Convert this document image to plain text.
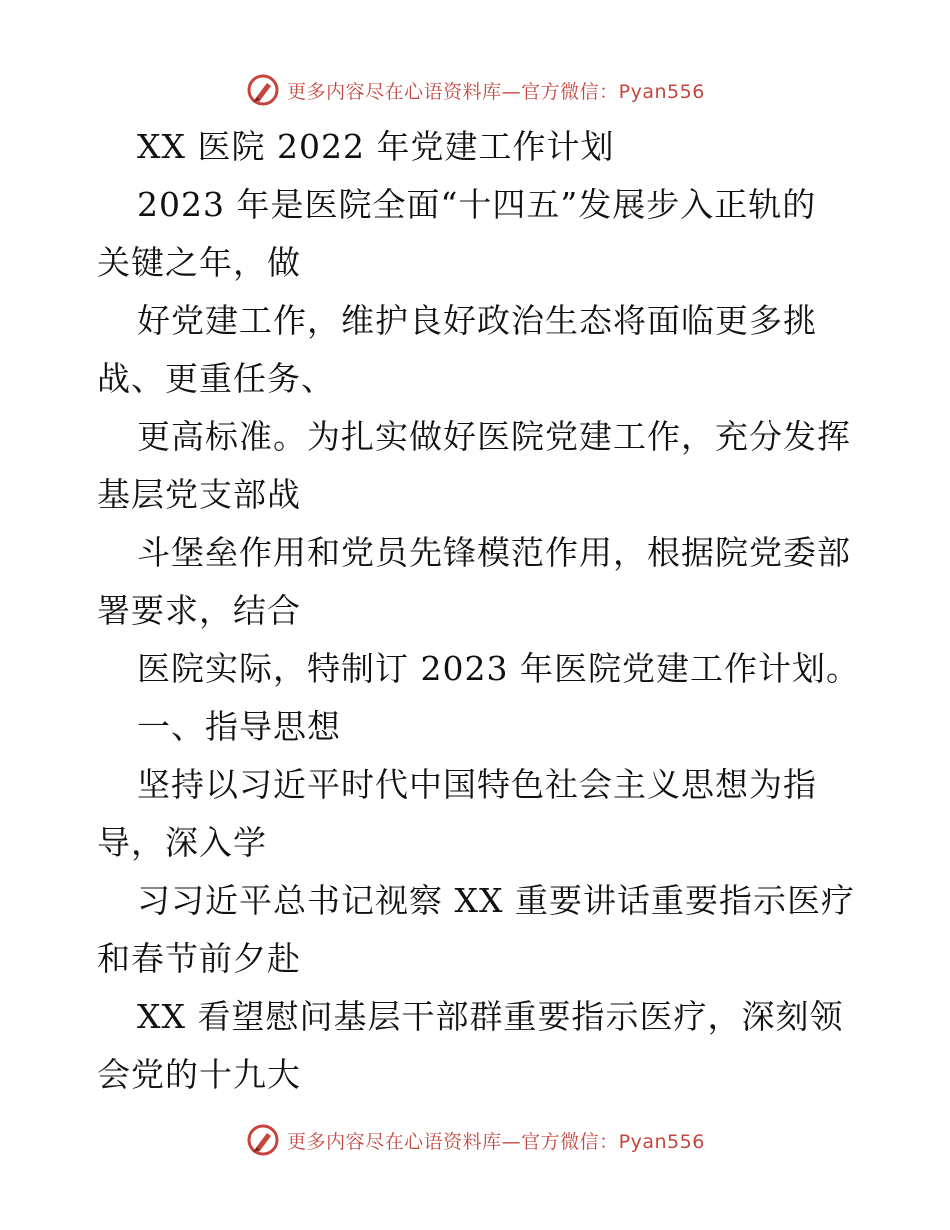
更多内容尽在心语资料库—官方微信：Pyan556
XX 医院 2022 年党建工作计划
2023 年是医院全面“十四五”发展步入正轨的
关键之年，做
好党建工作，维护良好政治生态将面临更多挑
战、更重任务、
更高标准。为扎实做好医院党建工作，充分发挥
基层党支部战
斗堡垒作用和党员先锋模范作用，根据院党委部
署要求，结合
医院实际，特制订 2023 年医院党建工作计划。
一、指导思想
坚持以习近平时代中国特色社会主义思想为指
导，深入学
习习近平总书记视察 XX 重要讲话重要指示医疗
和春节前夕赴
XX 看望慰问基层干部群重要指示医疗，深刻领
会党的十九大
更多内容尽在心语资料库—官方微信：Pyan556
